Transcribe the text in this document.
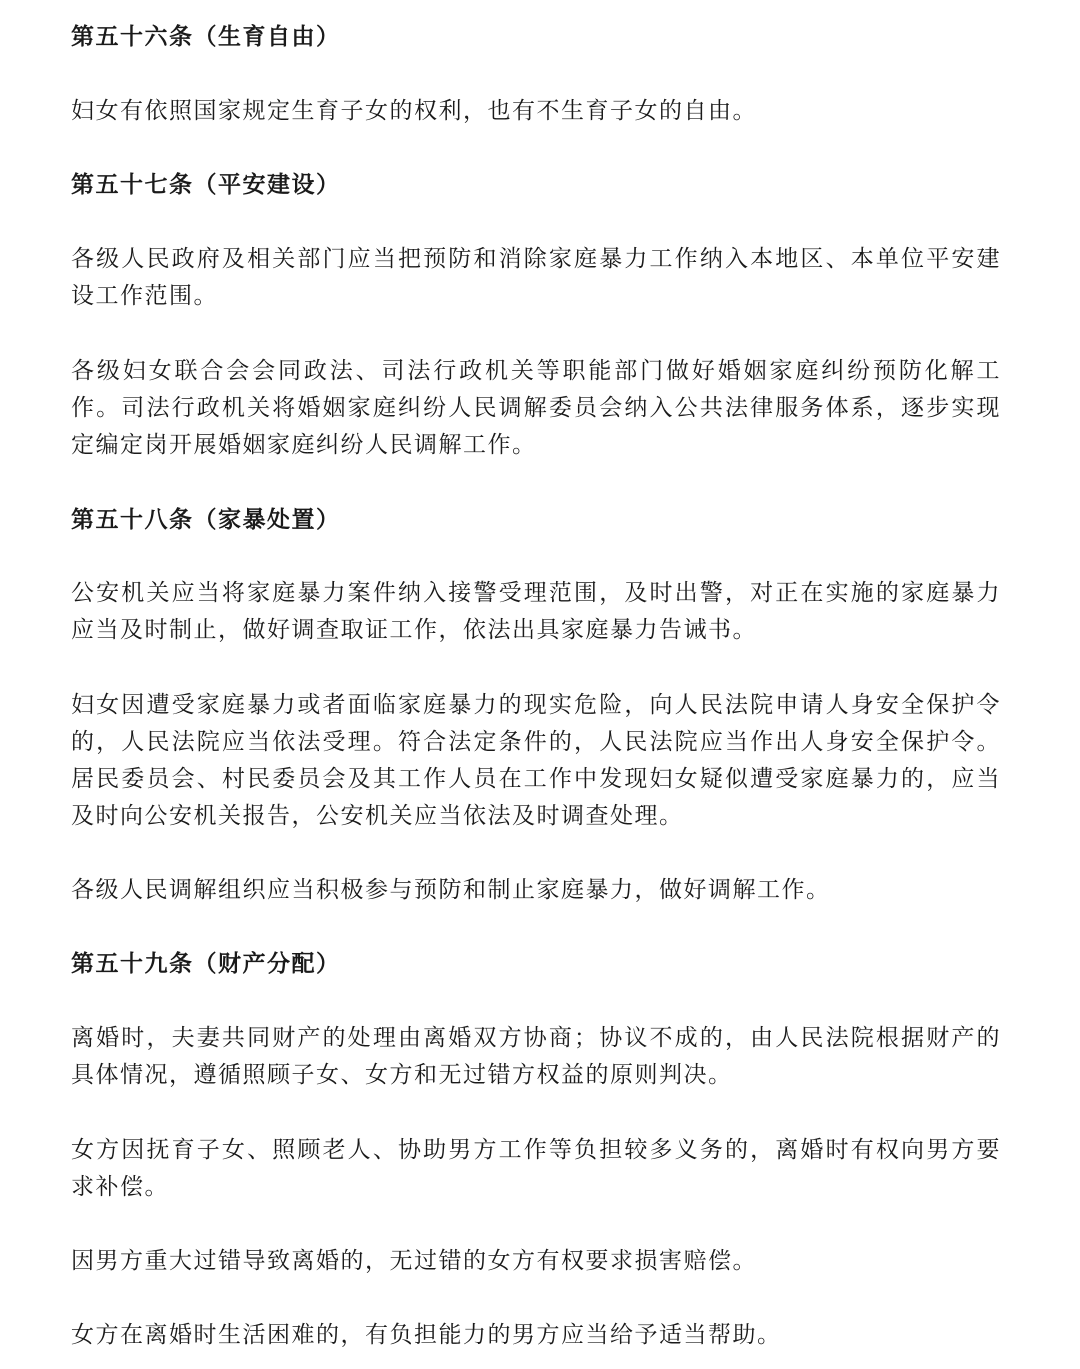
第五十六条（生育自由）

妇女有依照国家规定生育子女的权利，也有不生育子女的自由。

第五十七条（平安建设）

各级人民政府及相关部门应当把预防和消除家庭暴力工作纳入本地区、本单位平安建设工作范围。

各级妇女联合会会同政法、司法行政机关等职能部门做好婚姻家庭纠纷预防化解工作。司法行政机关将婚姻家庭纠纷人民调解委员会纳入公共法律服务体系，逐步实现定编定岗开展婚姻家庭纠纷人民调解工作。

第五十八条（家暴处置）

公安机关应当将家庭暴力案件纳入接警受理范围，及时出警，对正在实施的家庭暴力应当及时制止，做好调查取证工作，依法出具家庭暴力告诫书。

妇女因遭受家庭暴力或者面临家庭暴力的现实危险，向人民法院申请人身安全保护令的，人民法院应当依法受理。符合法定条件的，人民法院应当作出人身安全保护令。居民委员会、村民委员会及其工作人员在工作中发现妇女疑似遭受家庭暴力的，应当及时向公安机关报告，公安机关应当依法及时调查处理。

各级人民调解组织应当积极参与预防和制止家庭暴力，做好调解工作。

第五十九条（财产分配）

离婚时，夫妻共同财产的处理由离婚双方协商；协议不成的，由人民法院根据财产的具体情况，遵循照顾子女、女方和无过错方权益的原则判决。

女方因抚育子女、照顾老人、协助男方工作等负担较多义务的，离婚时有权向男方要求补偿。

因男方重大过错导致离婚的，无过错的女方有权要求损害赔偿。

女方在离婚时生活困难的，有负担能力的男方应当给予适当帮助。
